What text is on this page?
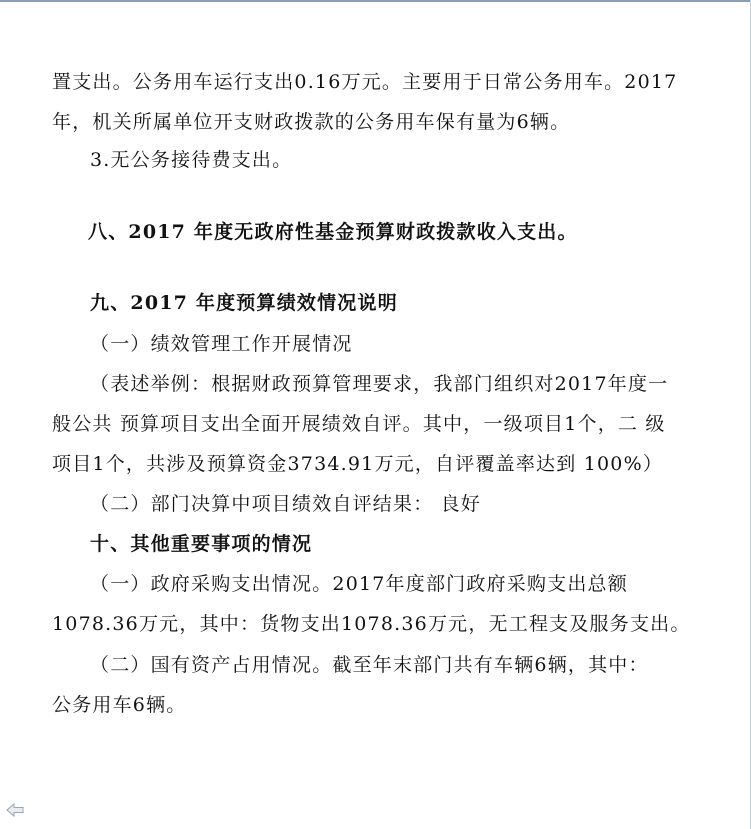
置支出。公务用车运行支出0.16万元。主要用于日常公务用车。2017
年，机关所属单位开支财政拨款的公务用车保有量为6辆。
3.无公务接待费支出。
八、2017 年度无政府性基金预算财政拨款收入支出。
九、2017 年度预算绩效情况说明
（一）绩效管理工作开展情况
（表述举例：根据财政预算管理要求，我部门组织对2017年度一
般公共 预算项目支出全面开展绩效自评。其中，一级项目1个，二 级
项目1个，共涉及预算资金3734.91万元，自评覆盖率达到 100%）
（二）部门决算中项目绩效自评结果： 良好
十、其他重要事项的情况
（一）政府采购支出情况。2017年度部门政府采购支出总额
1078.36万元，其中：货物支出1078.36万元，无工程支及服务支出。
（二）国有资产占用情况。截至年末部门共有车辆6辆，其中：
公务用车6辆。
